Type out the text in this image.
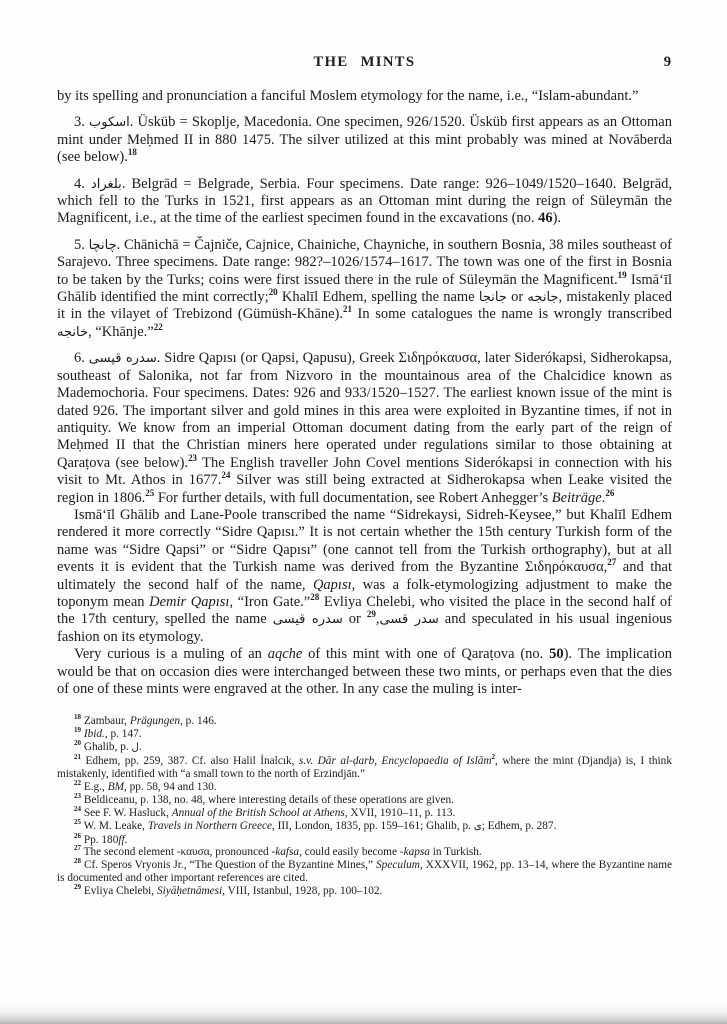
THE MINTS	9

by its spelling and pronunciation a fanciful Moslem etymology for the name, i.e., “Islam-abundant.”

3. اسكوب. Üsküb = Skoplje, Macedonia. One specimen, 926/1520. Üsküb first appears as an Ottoman mint under Meḥmed II in 880 1475. The silver utilized at this mint probably was mined at Novāberda (see below).$^{18}$

4. بلغراد. Belgrād = Belgrade, Serbia. Four specimens. Date range: 926–1049/1520–1640. Belgrād, which fell to the Turks in 1521, first appears as an Ottoman mint during the reign of Süleymān the Magnificent, i.e., at the time of the earliest specimen found in the excavations (no. 46).

5. چانچا. Chānichā = Čajniče, Cajnice, Chainiche, Chayniche, in southern Bosnia, 38 miles southeast of Sarajevo. Three specimens. Date range: 982?–1026/1574–1617. The town was one of the first in Bosnia to be taken by the Turks; coins were first issued there in the rule of Süleymān the Magnificent.$^{19}$ Ismā‘īl Ghālib identified the mint correctly;$^{20}$ Khalīl Edhem, spelling the name جانجا or جانجه, mistakenly placed it in the vilayet of Trebizond (Gümüsh-Khāne).$^{21}$ In some catalogues the name is wrongly transcribed خانجه, “Khānje.”$^{22}$

6. سدره قپسی. Sidre Qapısı (or Qapsi, Qapusu), Greek Σιδηρόκαυσα, later Siderókapsi, Sidherokapsa, southeast of Salonika, not far from Nizvoro in the mountainous area of the Chalcidice known as Mademochoria. Four specimens. Dates: 926 and 933/1520–1527. The earliest known issue of the mint is dated 926. The important silver and gold mines in this area were exploited in Byzantine times, if not in antiquity. We know from an imperial Ottoman document dating from the early part of the reign of Meḥmed II that the Christian miners here operated under regulations similar to those obtaining at Qaraṭova (see below).$^{23}$ The English traveller John Covel mentions Siderókapsi in connection with his visit to Mt. Athos in 1677.24 Silver was still being extracted at Sidherokapsa when Leake visited the region in 1806.25 For further details, with full documentation, see Robert Anhegger’s Beiträge.$^{26}$

Ismā‘īl Ghālib and Lane-Poole transcribed the name “Sidrekaysi, Sidreh-Keysee,” but Khalīl Edhem rendered it more correctly “Sidre Qapısı.” It is not certain whether the 15th century Turkish form of the name was “Sidre Qapsi” or “Sidre Qapısı” (one cannot tell from the Turkish orthography), but at all events it is evident that the Turkish name was derived from the Byzantine Σιδηρόκαυσα,$^{27}$ and that ultimately the second half of the name, Qapısı, was a folk-etymologizing adjustment to make the toponym mean Demir Qapısı, “Iron Gate.”$^{28}$ Evliya Chelebi, who visited the place in the second half of the 17th century, spelled the name سدره قیسی or سدر قسی,$^{29}$	and speculated in his usual ingenious fashion on its etymology.

Very curious is a muling of an aqche of this mint with one of Qaraṭova (no. 50). The implication would be that on occasion dies were interchanged between these two mints, or perhaps even that the dies of one of these mints were engraved at the other. In any case the muling is inter-

$^{18}$ Zambaur, Prägungen, p. 146.

$^{19}$ Ibid., p. 147.

$^{20}$ Ghalib, p. ل.

$^{21}$ Edhem, pp. 259, 387. Cf. also Halil İnalcık, s.v. Dār al-ḍarb, Encyclopaedia of Islām$^2$, where the mint (Djandja) is, I think mistakenly, identified with “a small town to the north of Erzindjān.”

$^{22}$ E.g., BM, pp. 58, 94 and 130.

$^{23}$ Beldiceanu, p. 138, no. 48, where interesting details of these operations are given.

$^{24}$ See F. W. Hasluck, Annual of the British School at Athens, XVII, 1910–11, p. 113.

$^{25}$ W. M. Leake, Travels in Northern Greece, III, London, 1835, pp. 159–161; Ghalib, p. ى; Edhem, p. 287.

$^{26}$ Pp. 180ff.

$^{27}$ The second element -καυσα, pronounced -kafsa, could easily become -kapsa in Turkish.

$^{28}$ Cf. Speros Vryonis Jr., “The Question of the Byzantine Mines,” Speculum, XXXVII, 1962, pp. 13–14, where the Byzantine name is documented and other important references are cited.

$^{29}$ Evliya Chelebi, Siyāḥetnāmesi, VIII, Istanbul, 1928, pp. 100–102.
